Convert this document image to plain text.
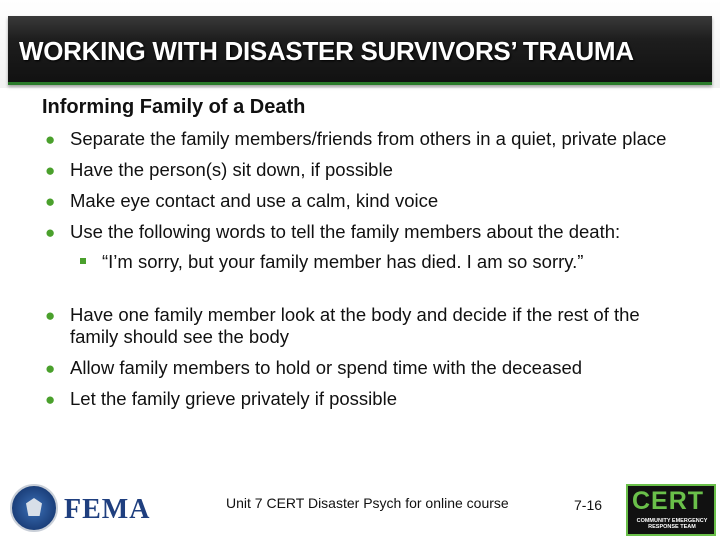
WORKING WITH DISASTER SURVIVORS’ TRAUMA
Informing Family of a Death
● Separate the family members/friends from others in a quiet, private place
● Have the person(s) sit down, if possible
● Make eye contact and use a calm, kind voice
● Use the following words to tell the family members about the death:
“I’m sorry, but your family member has died. I am so sorry.”
● Have one family member look at the body and decide if the rest of the family should see the body
● Allow family members to hold or spend time with the deceased
● Let the family grieve privately if possible
FEMA	Unit 7 CERT Disaster Psych for online course	7-16 CERT
COMMUNITY EMERGENCY RESPONSE TEAM
